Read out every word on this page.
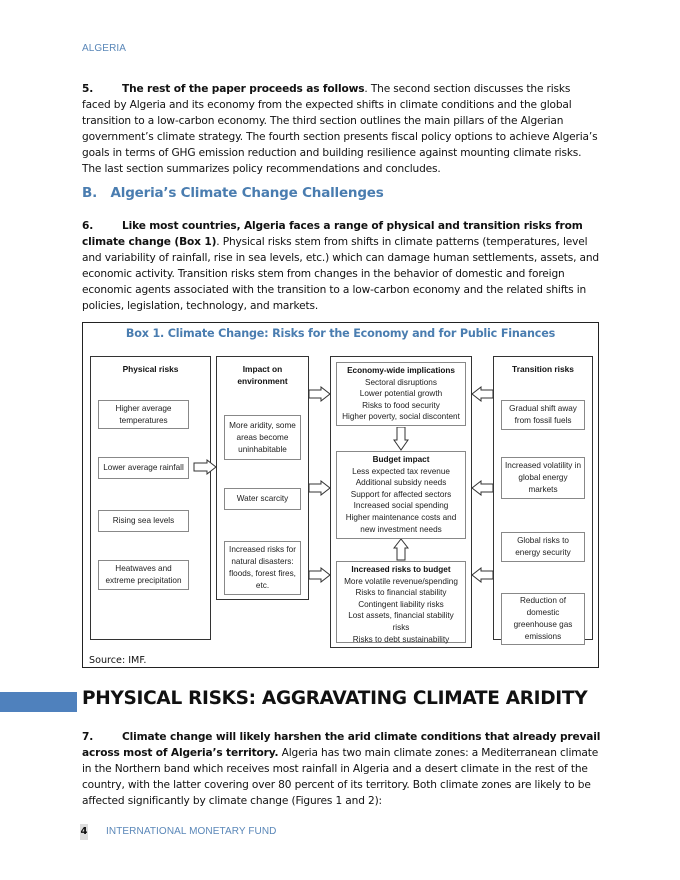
ALGERIA
5.	The rest of the paper proceeds as follows. The second section discusses the risks faced by Algeria and its economy from the expected shifts in climate conditions and the global transition to a low-carbon economy. The third section outlines the main pillars of the Algerian government’s climate strategy. The fourth section presents fiscal policy options to achieve Algeria’s goals in terms of GHG emission reduction and building resilience against mounting climate risks. The last section summarizes policy recommendations and concludes.
B.   Algeria’s Climate Change Challenges
6.	Like most countries, Algeria faces a range of physical and transition risks from climate change (Box 1). Physical risks stem from shifts in climate patterns (temperatures, level and variability of rainfall, rise in sea levels, etc.) which can damage human settlements, assets, and economic activity. Transition risks stem from changes in the behavior of domestic and foreign economic agents associated with the transition to a low-carbon economy and the related shifts in policies, legislation, technology, and markets.
Box 1. Climate Change: Risks for the Economy and for Public Finances
Physical risks
Higher average temperatures
Lower average rainfall
Rising sea levels
Heatwaves and extreme precipitation
Impact on environment
More aridity, some areas become uninhabitable
Water scarcity
Increased risks for natural disasters: floods, forest fires, etc.
Economy-wide implications
Sectoral disruptions
Lower potential growth
Risks to food security
Higher poverty, social discontent
Budget impact
Less expected tax revenue
Additional subsidy needs
Support for affected sectors
Increased social spending
Higher maintenance costs and
new investment needs
Increased risks to budget
More volatile revenue/spending
Risks to financial stability
Contingent liability risks
Lost assets, financial stability
risks
Risks to debt sustainability
Transition risks
Gradual shift away from fossil fuels
Increased volatility in global energy markets
Global risks to energy security
Reduction of domestic greenhouse gas emissions
Source: IMF.
PHYSICAL RISKS: AGGRAVATING CLIMATE ARIDITY
7.	Climate change will likely harshen the arid climate conditions that already prevail across most of Algeria’s territory. Algeria has two main climate zones: a Mediterranean climate in the Northern band which receives most rainfall in Algeria and a desert climate in the rest of the country, with the latter covering over 80 percent of its territory. Both climate zones are likely to be affected significantly by climate change (Figures 1 and 2):
4 INTERNATIONAL MONETARY FUND
